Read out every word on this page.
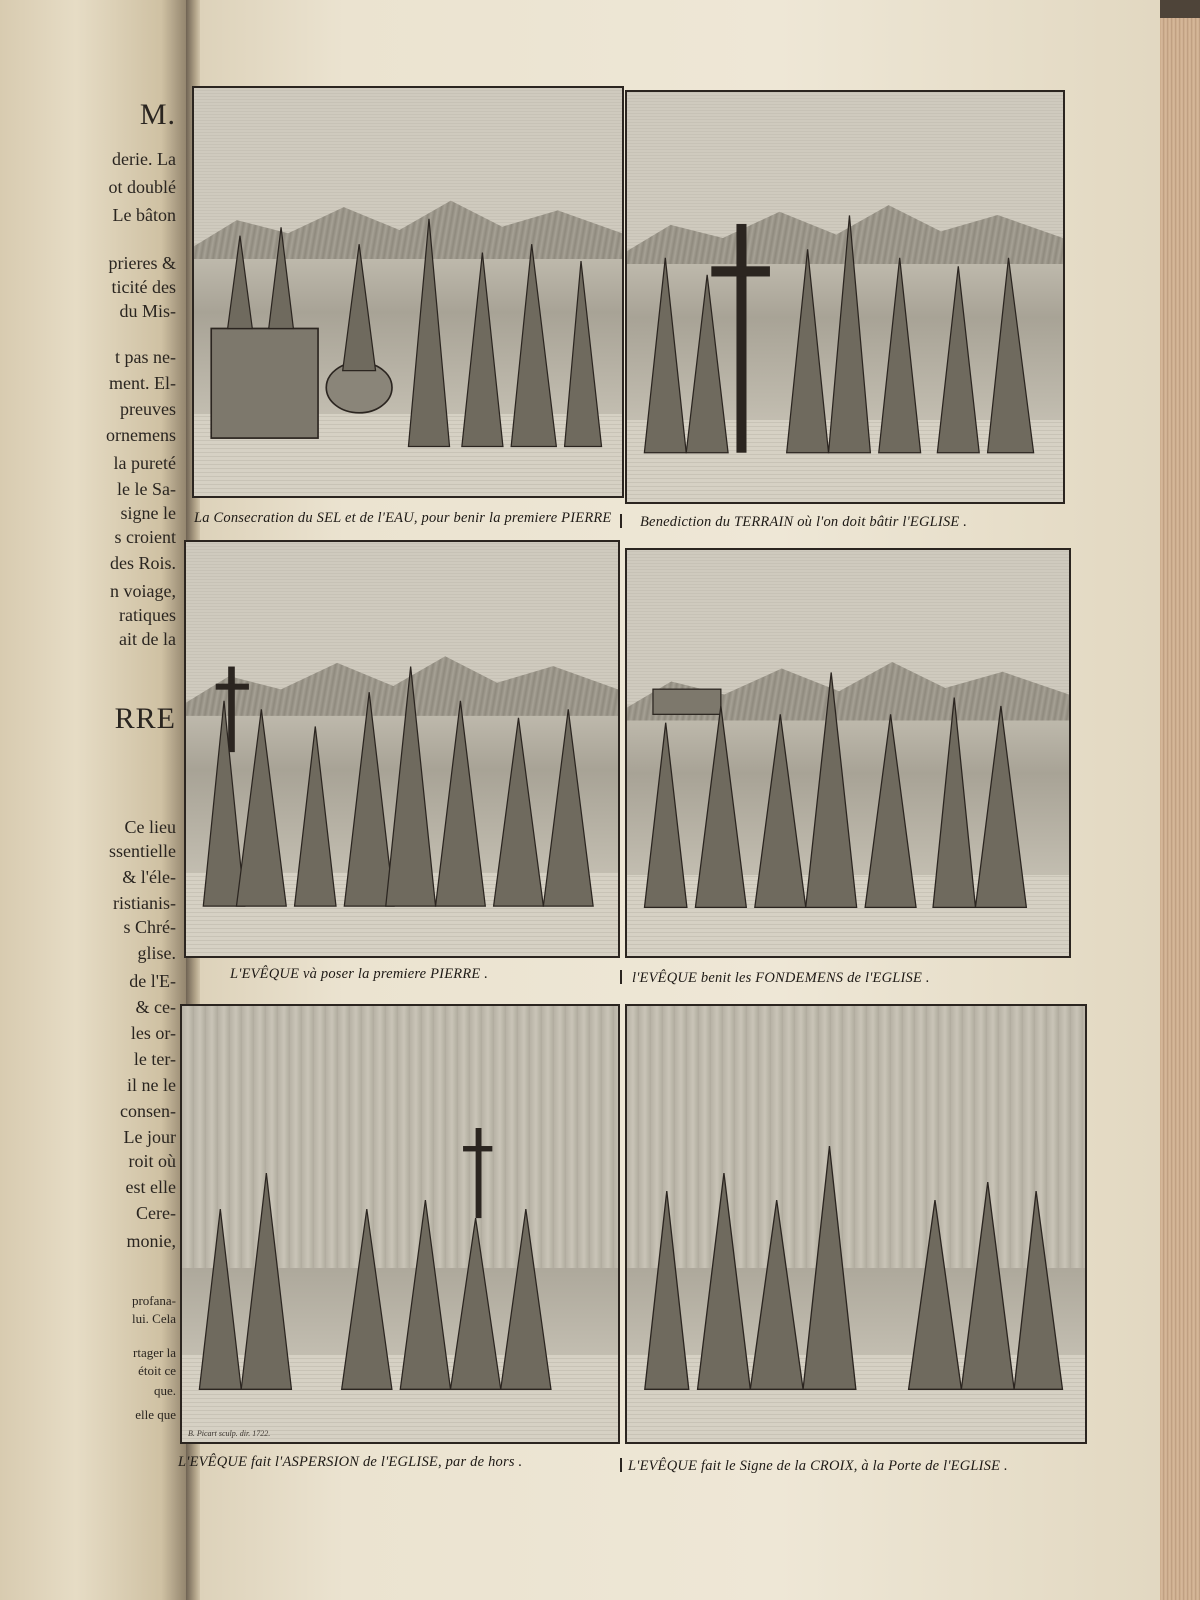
M.
derie. La
ot doublé
Le bâton
prieres &
ticité des
du Mis-
t pas ne-
ment. El-
preuves
ornemens
la pureté
le le Sa-
signe le
s croient
des Rois.
n voiage,
ratiques
ait de la
RRE
Ce lieu
ssentielle
& l'éle-
ristianis-
s Chré-
glise.
de l'E-
& ce-
les or-
le ter-
il ne le
consen-
Le jour
roit où
est elle
Cere-
monie,
profana-
lui. Cela
rtager la
étoit ce
que.
elle que
La Consecration du SEL et de l'EAU, pour benir la premiere PIERRE Benediction du TERRAIN où l'on doit bâtir l'EGLISE .
L'EVÊQUE và poser la premiere PIERRE .	l'EVÊQUE benit les FONDEMENS de l'EGLISE .
B. Picart sculp. dir. 1722.
L'EVÊQUE fait l'ASPERSION de l'EGLISE, par de hors .	L'EVÊQUE fait le Signe de la CROIX, à la Porte de l'EGLISE .
